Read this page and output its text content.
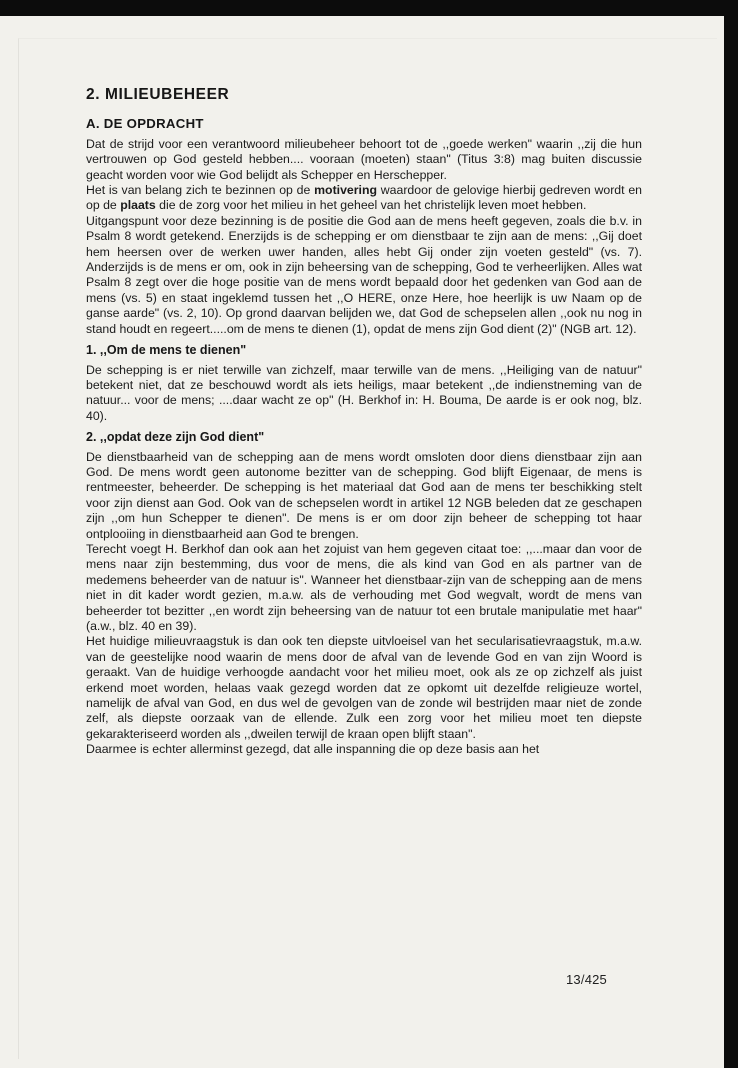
2. MILIEUBEHEER
A. DE OPDRACHT

Dat de strijd voor een verantwoord milieubeheer behoort tot de ,,goede werken" waarin ,,zij die hun vertrouwen op God gesteld hebben.... vooraan (moeten) staan" (Titus 3:8) mag buiten discussie geacht worden voor wie God belijdt als Schepper en Herschepper.

Het is van belang zich te bezinnen op de motivering waardoor de gelovige hierbij gedreven wordt en op de plaats die de zorg voor het milieu in het geheel van het christelijk leven moet hebben.

Uitgangspunt voor deze bezinning is de positie die God aan de mens heeft gegeven, zoals die b.v. in Psalm 8 wordt getekend. Enerzijds is de schepping er om dienstbaar te zijn aan de mens: ,,Gij doet hem heersen over de werken uwer handen, alles hebt Gij onder zijn voeten gesteld" (vs. 7). Anderzijds is de mens er om, ook in zijn beheersing van de schepping, God te verheerlijken. Alles wat Psalm 8 zegt over die hoge positie van de mens wordt bepaald door het gedenken van God aan de mens (vs. 5) en staat ingeklemd tussen het ,,O HERE, onze Here, hoe heerlijk is uw Naam op de ganse aarde" (vs. 2, 10). Op grond daarvan belijden we, dat God de schepselen allen ,,ook nu nog in stand houdt en regeert.....om de mens te dienen (1), opdat de mens zijn God dient (2)" (NGB art. 12).

1. ,,Om de mens te dienen"

De schepping is er niet terwille van zichzelf, maar terwille van de mens. ,,Heiliging van de natuur" betekent niet, dat ze beschouwd wordt als iets heiligs, maar betekent ,,de indienstneming van de natuur... voor de mens; ....daar wacht ze op" (H. Berkhof in: H. Bouma, De aarde is er ook nog, blz. 40).

2. ,,opdat deze zijn God dient"

De dienstbaarheid van de schepping aan de mens wordt omsloten door diens dienstbaar zijn aan God. De mens wordt geen autonome bezitter van de schepping. God blijft Eigenaar, de mens is rentmeester, beheerder. De schepping is het materiaal dat God aan de mens ter beschikking stelt voor zijn dienst aan God. Ook van de schepselen wordt in artikel 12 NGB beleden dat ze geschapen zijn ,,om hun Schepper te dienen". De mens is er om door zijn beheer de schepping tot haar ontplooiing in dienstbaarheid aan God te brengen.

Terecht voegt H. Berkhof dan ook aan het zojuist van hem gegeven citaat toe: ,,...maar dan voor de mens naar zijn bestemming, dus voor de mens, die als kind van God en als partner van de medemens beheerder van de natuur is". Wanneer het dienstbaar-zijn van de schepping aan de mens niet in dit kader wordt gezien, m.a.w. als de verhouding met God wegvalt, wordt de mens van beheerder tot bezitter ,,en wordt zijn beheersing van de natuur tot een brutale manipulatie met haar" (a.w., blz. 40 en 39).

Het huidige milieuvraagstuk is dan ook ten diepste uitvloeisel van het secularisatievraagstuk, m.a.w. van de geestelijke nood waarin de mens door de afval van de levende God en van zijn Woord is geraakt. Van de huidige verhoogde aandacht voor het milieu moet, ook als ze op zichzelf als juist erkend moet worden, helaas vaak gezegd worden dat ze opkomt uit dezelfde religieuze wortel, namelijk de afval van God, en dus wel de gevolgen van de zonde wil bestrijden maar niet de zonde zelf, als diepste oorzaak van de ellende. Zulk een zorg voor het milieu moet ten diepste gekarakteriseerd worden als ,,dweilen terwijl de kraan open blijft staan".

Daarmee is echter allerminst gezegd, dat alle inspanning die op deze basis aan het

13/425
